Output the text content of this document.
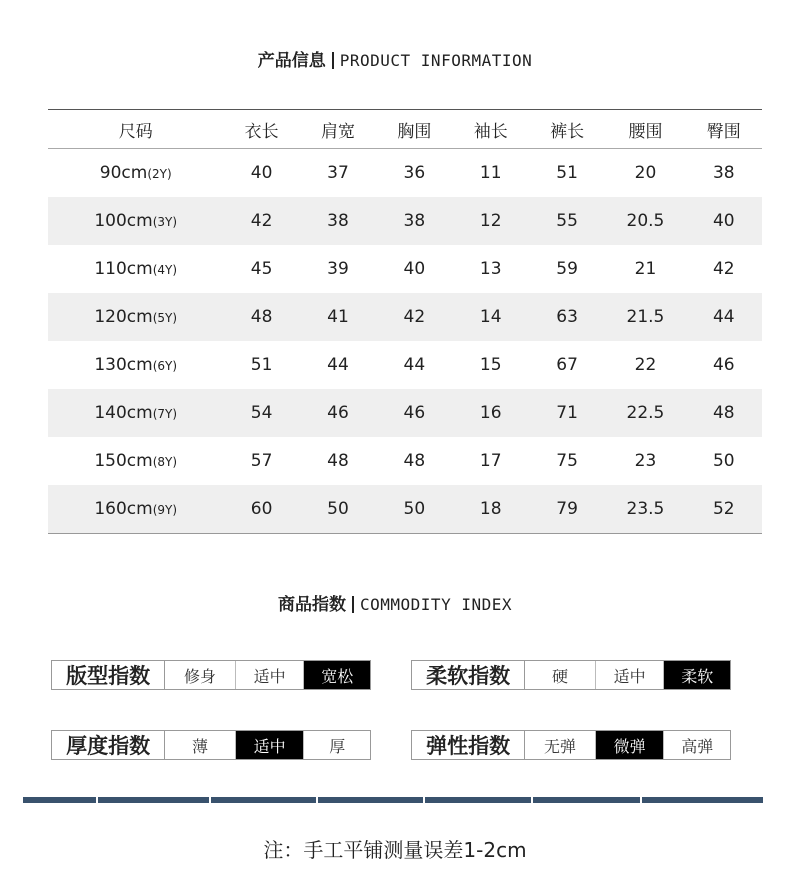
产品信息 PRODUCT INFORMATION
尺码	衣长	肩宽	胸围	袖长	裤长	腰围	臀围
90cm(2Y)	40	37	36	11	51	20	38
100cm(3Y)	42	38	38	12	55	20.5	40
110cm(4Y)	45	39	40	13	59	21	42
120cm(5Y)	48	41	42	14	63	21.5	44
130cm(6Y)	51	44	44	15	67	22	46
140cm(7Y)	54	46	46	16	71	22.5	48
150cm(8Y)	57	48	48	17	75	23	50
160cm(9Y)	60	50	50	18	79	23.5	52
商品指数 COMMODITY INDEX
版型指数	修身	适中	宽松	柔软指数	硬	适中	柔软
厚度指数	薄	适中	厚	弹性指数	无弹	微弹	高弹
注：手工平铺测量误差1-2cm
